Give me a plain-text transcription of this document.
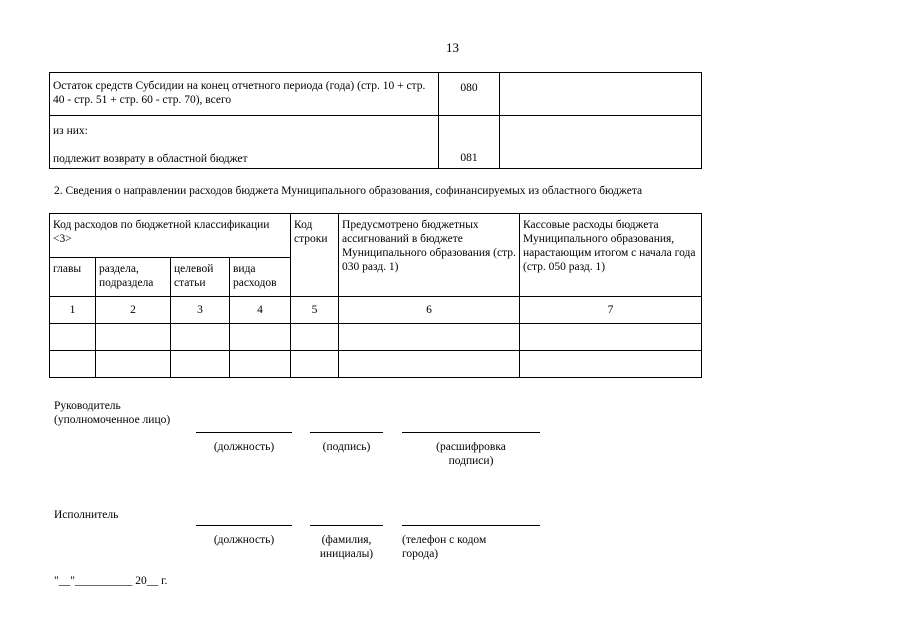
13
Остаток средств Субсидии на конец отчетного периода (года) (стр. 10 + стр. 40 - стр. 51 + стр. 60 - стр. 70), всего	080	

из них:
подлежит возврату в областной бюджет	081	
2. Сведения о направлении расходов бюджета Муниципального образования, софинансируемых из областного бюджета
Код расходов по бюджетной классификации <3>				Код строки	Предусмотрено бюджетных ассигнований в бюджете Муниципального образования (стр. 030 разд. 1)	Кассовые расходы бюджета Муниципального образования, нарастающим итогом с начала года (стр. 050 разд. 1)
главы	раздела, подраздела	целевой статьи	вида расходов			
1	2	3	4	5	6	7

Руководитель
(уполномоченное лицо)
(должность)	(подпись)	(расшифровка подписи)
Исполнитель
(должность)	(фамилия, инициалы)
(телефон с кодом города)
"__"__________ 20__ г.
